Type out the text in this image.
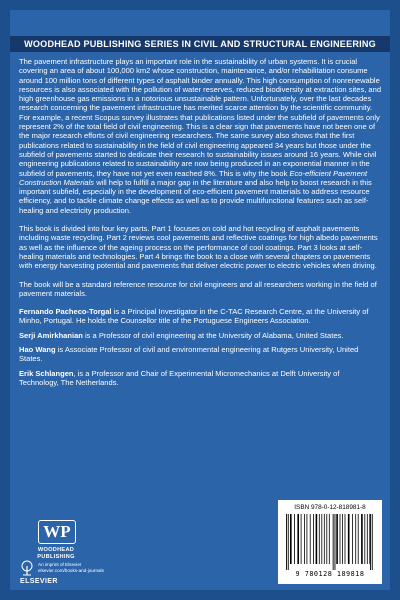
WOODHEAD PUBLISHING SERIES IN CIVIL AND STRUCTURAL ENGINEERING

The pavement infrastructure plays an important role in the sustainability of urban systems. It is crucial covering an area of about 100,000 km2 whose construction, maintenance, and/or rehabilitation consume around 100 million tons of different types of asphalt binder annually. This high consumption of nonrenewable resources is also associated with the pollution of water reserves, reduced biodiversity at extraction sites, and high greenhouse gas emissions in a notorious unsustainable pattern. Unfortunately, over the last decades research concerning the pavement infrastructure has merited scarce attention by the scientific community. For example, a recent Scopus survey illustrates that publications listed under the subfield of pavements only represent 2% of the total field of civil engineering. This is a clear sign that pavements have not been one of the major research efforts of civil engineering researchers. The same survey also shows that the first publications related to sustainability in the field of civil engineering appeared 34 years but those under the subfield of pavements started to dedicate their research to sustainability issues around 16 years. While civil engineering publications related to sustainability are now being produced in an exponential manner in the subfield of pavements, they have not yet even reached 8%. This is why the book Eco-efficient Pavement Construction Materials will help to fulfill a major gap in the literature and also help to boost research in this important subfield, especially in the development of eco-efficient pavement materials to address resource efficiency, and to tackle climate change effects as well as to provide multifunctional features such as self-healing and electricity production.

This book is divided into four key parts. Part 1 focuses on cold and hot recycling of asphalt pavements including waste recycling. Part 2 reviews cool pavements and reflective coatings for high albedo pavements as well as the influence of the ageing process on the performance of cool coatings. Part 3 looks at self-healing materials and technologies. Part 4 brings the book to a close with several chapters on pavements with energy harvesting potential and pavements that deliver electric power to electric vehicles when driving.

The book will be a standard reference resource for civil engineers and all researchers working in the field of pavement materials.

Fernando Pacheco-Torgal is a Principal Investigator in the C-TAC Research Centre, at the University of Minho, Portugal. He holds the Counsellor title of the Portuguese Engineers Association.

Serji Amirkhanian is a Professor of civil engineering at the University of Alabama, United States.

Hao Wang is Associate Professor of civil and environmental engineering at Rutgers University, United States.

Erik Schlangen, is a Professor and Chair of Experimental Micromechanics at Delft University of Technology, The Netherlands.

WP
WOODHEAD
PUBLISHING
An imprint of Elsevier
elsevier.com/books-and-journals
ELSEVIER
ISBN 978-0-12-818981-8
9 780128 189818
